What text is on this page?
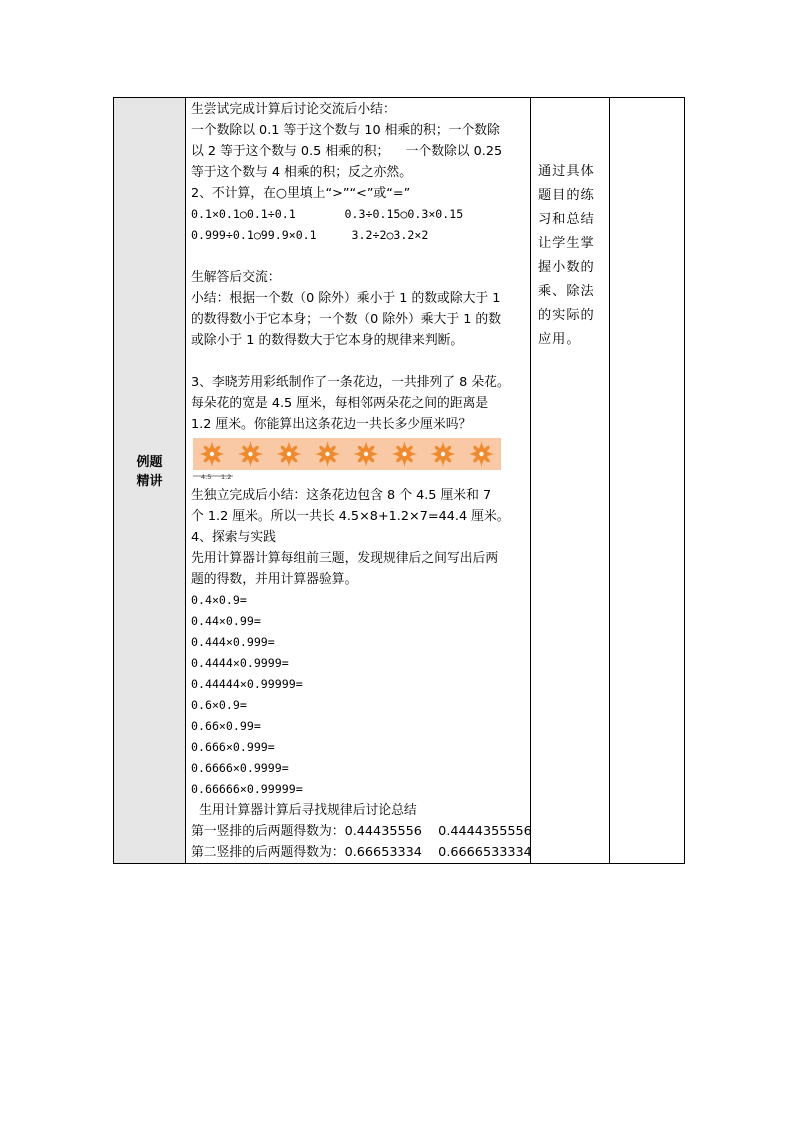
例题
精讲

生尝试完成计算后讨论交流后小结：
一个数除以 0.1 等于这个数与 10 相乘的积；一个数除
以 2 等于这个数与 0.5 相乘的积；    一个数除以 0.25
等于这个数与 4 相乘的积；反之亦然。
2、不计算，在○里填上“>”“<”或“=”
0.1×0.1○0.1÷0.1       0.3÷0.15○0.3×0.15
0.999÷0.1○99.9×0.1     3.2÷2○3.2×2
生解答后交流：
小结：根据一个数（0 除外）乘小于 1 的数或除大于 1
的数得数小于它本身；一个数（0 除外）乘大于 1 的数
或除小于 1 的数得数大于它本身的规律来判断。
3、李晓芳用彩纸制作了一条花边，一共排列了 8 朵花。
每朵花的宽是 4.5 厘米，每相邻两朵花之间的距离是
1.2 厘米。你能算出这条花边一共长多少厘米吗？
4.5 1.2
生独立完成后小结：这条花边包含 8 个 4.5 厘米和 7
个 1.2 厘米。所以一共长 4.5×8+1.2×7=44.4 厘米。
4、探索与实践
先用计算器计算每组前三题，发现规律后之间写出后两
题的得数，并用计算器验算。
0.4×0.9=
0.44×0.99=
0.444×0.999=
0.4444×0.9999=
0.44444×0.99999=
0.6×0.9=
0.66×0.99=
0.666×0.999=
0.6666×0.9999=
0.66666×0.99999=
生用计算器计算后寻找规律后讨论总结
第一竖排的后两题得数为：0.44435556    0.4444355556
第二竖排的后两题得数为：0.66653334    0.6666533334

通过具体题目的练习和总结让学生掌握小数的乘、除法的实际的应用。
